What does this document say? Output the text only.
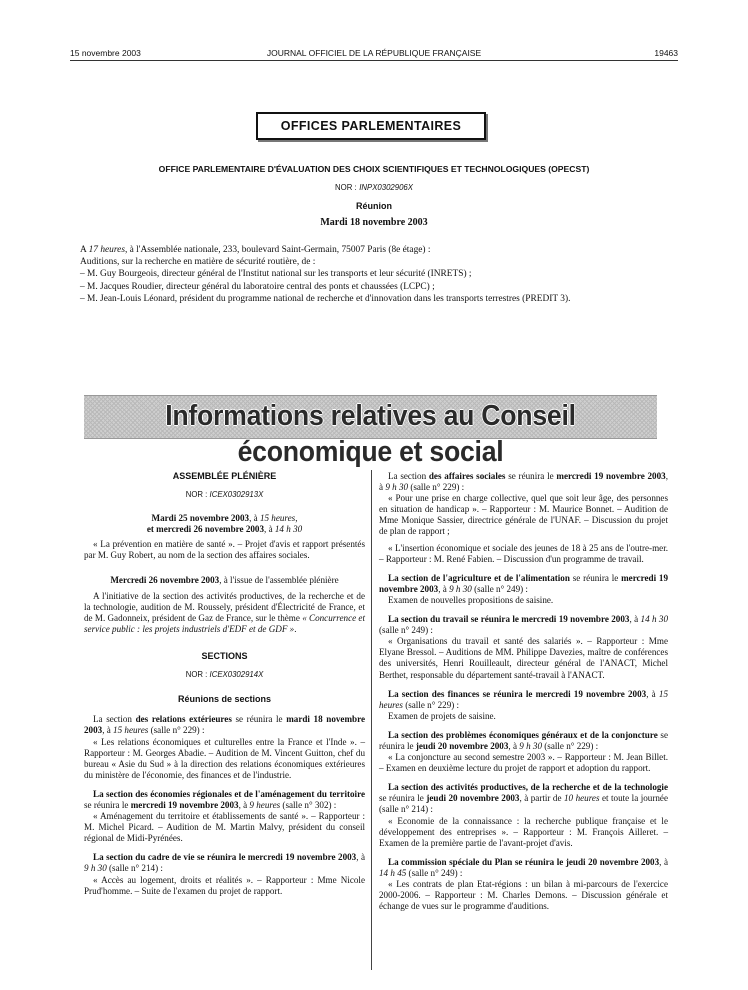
15 novembre 2003	JOURNAL OFFICIEL DE LA RÉPUBLIQUE FRANÇAISE	19463
OFFICES PARLEMENTAIRES
OFFICE PARLEMENTAIRE D'ÉVALUATION DES CHOIX SCIENTIFIQUES ET TECHNOLOGIQUES (OPECST)
NOR : INPX0302906X
Réunion
Mardi 18 novembre 2003
A 17 heures, à l'Assemblée nationale, 233, boulevard Saint-Germain, 75007 Paris (8e étage) :
Auditions, sur la recherche en matière de sécurité routière, de :
– M. Guy Bourgeois, directeur général de l'Institut national sur les transports et leur sécurité (INRETS) ;
– M. Jacques Roudier, directeur général du laboratoire central des ponts et chaussées (LCPC) ;
– M. Jean-Louis Léonard, président du programme national de recherche et d'innovation dans les transports terrestres (PREDIT 3).
Informations relatives au Conseil économique et social
ASSEMBLÉE PLÉNIÈRE
NOR : ICEX0302913X
Mardi 25 novembre 2003, à 15 heures,
et mercredi 26 novembre 2003, à 14 h 30
« La prévention en matière de santé ». – Projet d'avis et rapport présentés par M. Guy Robert, au nom de la section des affaires sociales.
Mercredi 26 novembre 2003, à l'issue de l'assemblée plénière
A l'initiative de la section des activités productives, de la recherche et de la technologie, audition de M. Roussely, président d'Électricité de France, et de M. Gadonneix, président de Gaz de France, sur le thème « Concurrence et service public : les projets industriels d'EDF et de GDF ».
SECTIONS
NOR : ICEX0302914X
Réunions de sections
La section des relations extérieures se réunira le mardi 18 novembre 2003, à 15 heures (salle n° 229) :
« Les relations économiques et culturelles entre la France et l'Inde ». – Rapporteur : M. Georges Abadie. – Audition de M. Vincent Guitton, chef du bureau « Asie du Sud » à la direction des relations économiques extérieures du ministère de l'économie, des finances et de l'industrie.
La section des économies régionales et de l'aménagement du territoire se réunira le mercredi 19 novembre 2003, à 9 heures (salle n° 302) :
« Aménagement du territoire et établissements de santé ». – Rapporteur : M. Michel Picard. – Audition de M. Martin Malvy, président du conseil régional de Midi-Pyrénées.
La section du cadre de vie se réunira le mercredi 19 novembre 2003, à 9 h 30 (salle n° 214) :
« Accès au logement, droits et réalités ». – Rapporteur : Mme Nicole Prud'homme. – Suite de l'examen du projet de rapport.
La section des affaires sociales se réunira le mercredi 19 novembre 2003, à 9 h 30 (salle n° 229) :
« Pour une prise en charge collective, quel que soit leur âge, des personnes en situation de handicap ». – Rapporteur : M. Maurice Bonnet. – Audition de Mme Monique Sassier, directrice générale de l'UNAF. – Discussion du projet de plan de rapport ;
« L'insertion économique et sociale des jeunes de 18 à 25 ans de l'outre-mer. – Rapporteur : M. René Fabien. – Discussion d'un programme de travail.
La section de l'agriculture et de l'alimentation se réunira le mercredi 19 novembre 2003, à 9 h 30 (salle n° 249) :
Examen de nouvelles propositions de saisine.
La section du travail se réunira le mercredi 19 novembre 2003, à 14 h 30 (salle n° 249) :
« Organisations du travail et santé des salariés ». – Rapporteur : Mme Elyane Bressol. – Auditions de MM. Philippe Davezies, maître de conférences des universités, Henri Rouilleault, directeur général de l'ANACT, Michel Berthet, responsable du département santé-travail à l'ANACT.
La section des finances se réunira le mercredi 19 novembre 2003, à 15 heures (salle n° 229) :
Examen de projets de saisine.
La section des problèmes économiques généraux et de la conjoncture se réunira le jeudi 20 novembre 2003, à 9 h 30 (salle n° 229) :
« La conjoncture au second semestre 2003 ». – Rapporteur : M. Jean Billet. – Examen en deuxième lecture du projet de rapport et adoption du rapport.
La section des activités productives, de la recherche et de la technologie se réunira le jeudi 20 novembre 2003, à partir de 10 heures et toute la journée (salle n° 214) :
« Economie de la connaissance : la recherche publique française et le développement des entreprises ». – Rapporteur : M. François Ailleret. – Examen de la première partie de l'avant-projet d'avis.
La commission spéciale du Plan se réunira le jeudi 20 novembre 2003, à 14 h 45 (salle n° 249) :
« Les contrats de plan Etat-régions : un bilan à mi-parcours de l'exercice 2000-2006. – Rapporteur : M. Charles Demons. – Discussion générale et échange de vues sur le programme d'auditions.
